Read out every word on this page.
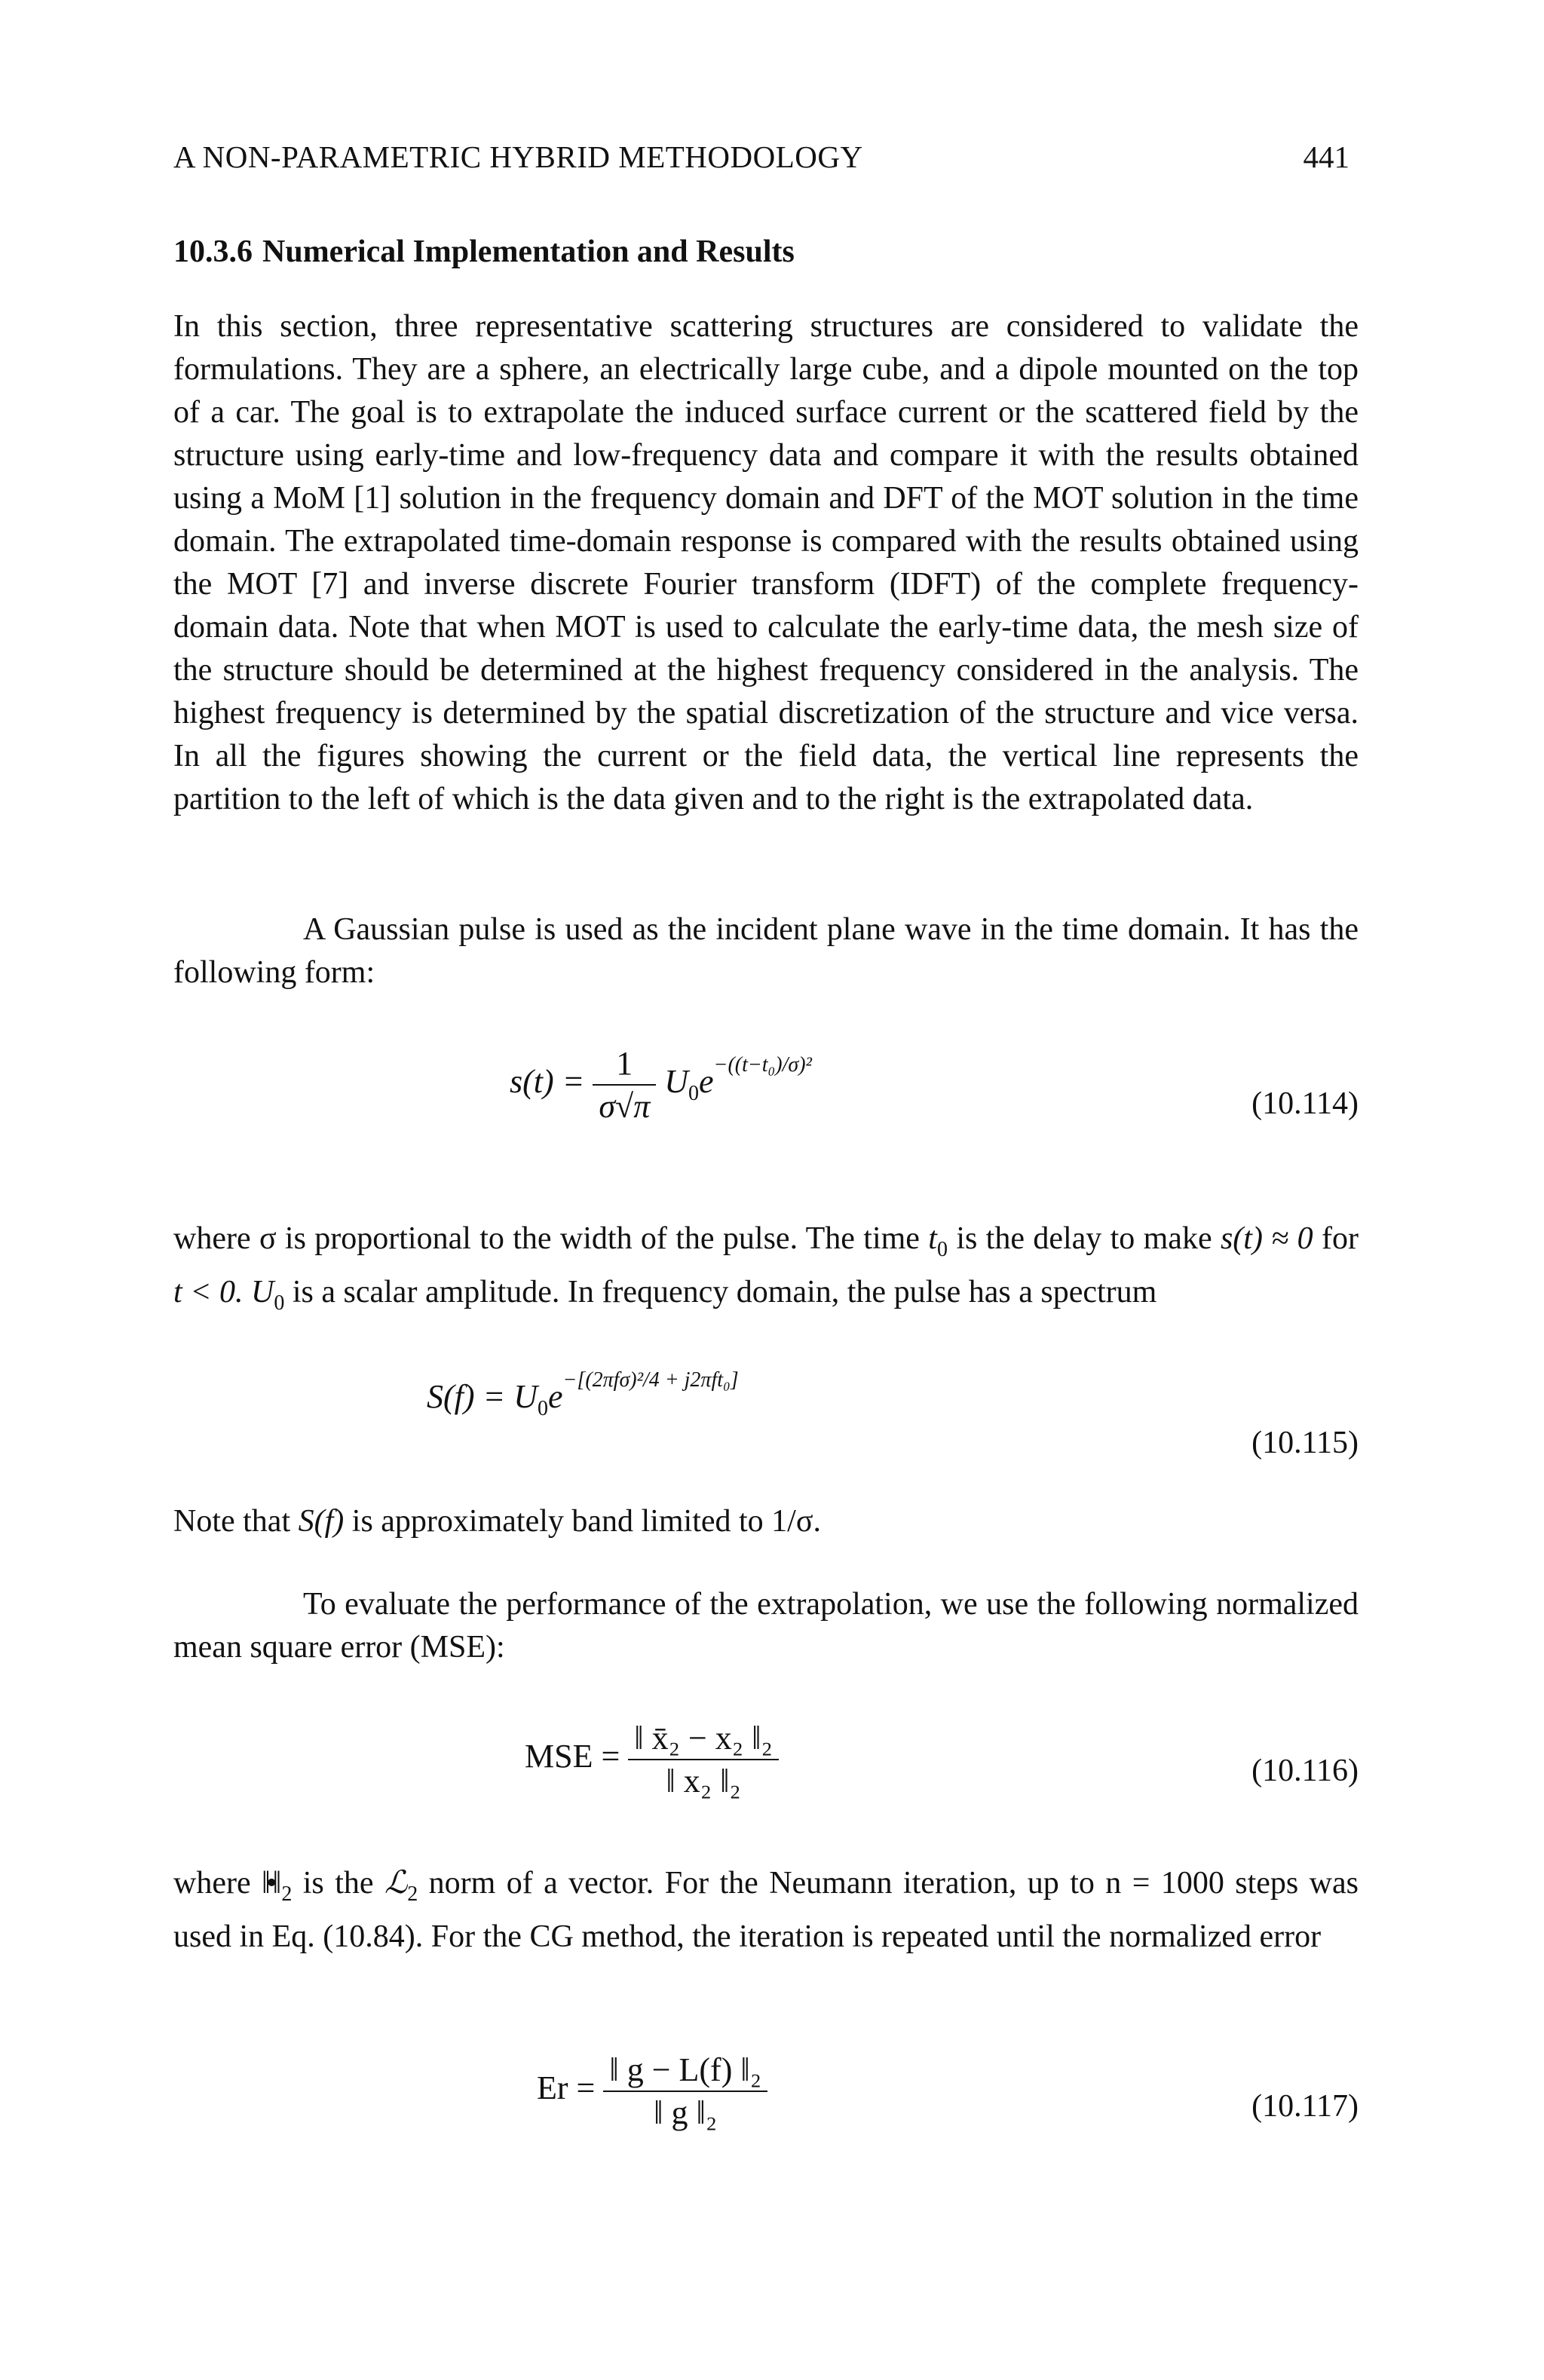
A NON-PARAMETRIC HYBRID METHODOLOGY	441
10.3.6 Numerical Implementation and Results

In this section, three representative scattering structures are considered to validate the formulations. They are a sphere, an electrically large cube, and a dipole mounted on the top of a car. The goal is to extrapolate the induced surface current or the scattered field by the structure using early-time and low-frequency data and compare it with the results obtained using a MoM [1] solution in the frequency domain and DFT of the MOT solution in the time domain. The extrapolated time-domain response is compared with the results obtained using the MOT [7] and inverse discrete Fourier transform (IDFT) of the complete frequency-domain data. Note that when MOT is used to calculate the early-time data, the mesh size of the structure should be determined at the highest frequency considered in the analysis. The highest frequency is determined by the spatial discretization of the structure and vice versa. In all the figures showing the current or the field data, the vertical line represents the partition to the left of which is the data given and to the right is the extrapolated data.

A Gaussian pulse is used as the incident plane wave in the time domain. It has the following form:

$s(t) = \frac{1}{\sigma√\pi} U_0e^{-((t-t_0)/\sigma)^2}$
(10.114)

where σ is proportional to the width of the pulse. The time $t_0$ is the delay to make s(t) ≈ 0 for t < 0. $U_0$ is a scalar amplitude. In frequency domain, the pulse has a spectrum

$S(f) = U_0e^{-[(2\pi f\sigma)^2/4 + j2\pi ft_0]}$
(10.115)

Note that S(f) is approximately band limited to 1/σ.

To evaluate the performance of the extrapolation, we use the following normalized mean square error (MSE):

MSE = $\frac{\text{‖ x̄₂ − x₂ ‖₂}}{\text{‖ x₂ ‖₂}}$	(10.116)

where ‖•‖ $_2$ is the ℒ$_2$ norm of a vector. For the Neumann iteration, up to n = 1000 steps was used in Eq. (10.84). For the CG method, the iteration is repeated until the normalized error

$Er = \frac{\text{‖ g − L(f) ‖₂}}{\text{‖ g ‖₂}}$	(10.117)
